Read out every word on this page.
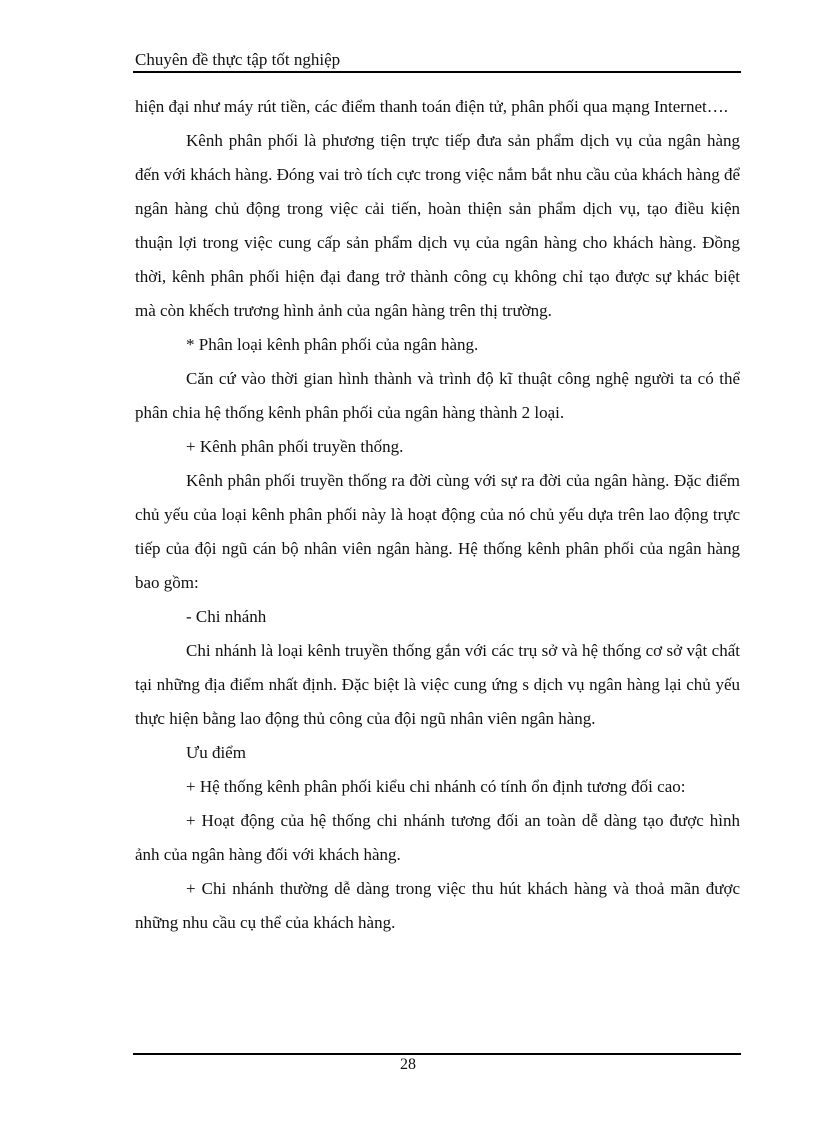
Chuyên đề thực tập tốt nghiệp

hiện đại như máy rút tiền, các điểm thanh toán điện tử, phân phối qua mạng Internet….

Kênh phân phối là phương tiện trực tiếp đưa sản phẩm dịch vụ của ngân hàng đến với khách hàng. Đóng vai trò tích cực trong việc nắm bắt nhu cầu của khách hàng để ngân hàng chủ động trong việc cải tiến, hoàn thiện sản phẩm dịch vụ, tạo điều kiện thuận lợi trong việc cung cấp sản phẩm dịch vụ của ngân hàng cho khách hàng. Đồng thời, kênh phân phối hiện đại đang trở thành công cụ không chỉ tạo được sự khác biệt mà còn khếch trương hình ảnh của ngân hàng trên thị trường.

* Phân loại kênh phân phối của ngân hàng.

Căn cứ vào thời gian hình thành và trình độ kĩ thuật công nghệ người ta có thể phân chia hệ thống kênh phân phối của ngân hàng thành 2 loại.

+ Kênh phân phối truyền thống.

Kênh phân phối truyền thống ra đời cùng với sự ra đời của ngân hàng. Đặc điểm chủ yếu của loại kênh phân phối này là hoạt động của nó chủ yếu dựa trên lao động trực tiếp của đội ngũ cán bộ nhân viên ngân hàng. Hệ thống kênh phân phối của ngân hàng bao gồm:

- Chi nhánh

Chi nhánh là loại kênh truyền thống gắn với các trụ sở và hệ thống cơ sở vật chất tại những địa điểm nhất định. Đặc biệt là việc cung ứng s dịch vụ ngân hàng lại chủ yếu thực hiện bằng lao động thủ công của đội ngũ nhân viên ngân hàng.

Ưu điểm

+ Hệ thống kênh phân phối kiểu chi nhánh có tính ổn định tương đối cao:

+ Hoạt động của hệ thống chi nhánh tương đối an toàn dễ dàng tạo được hình ảnh của ngân hàng đối với khách hàng.

+ Chi nhánh thường dễ dàng trong việc thu hút khách hàng và thoả mãn được những nhu cầu cụ thể của khách hàng.

28
